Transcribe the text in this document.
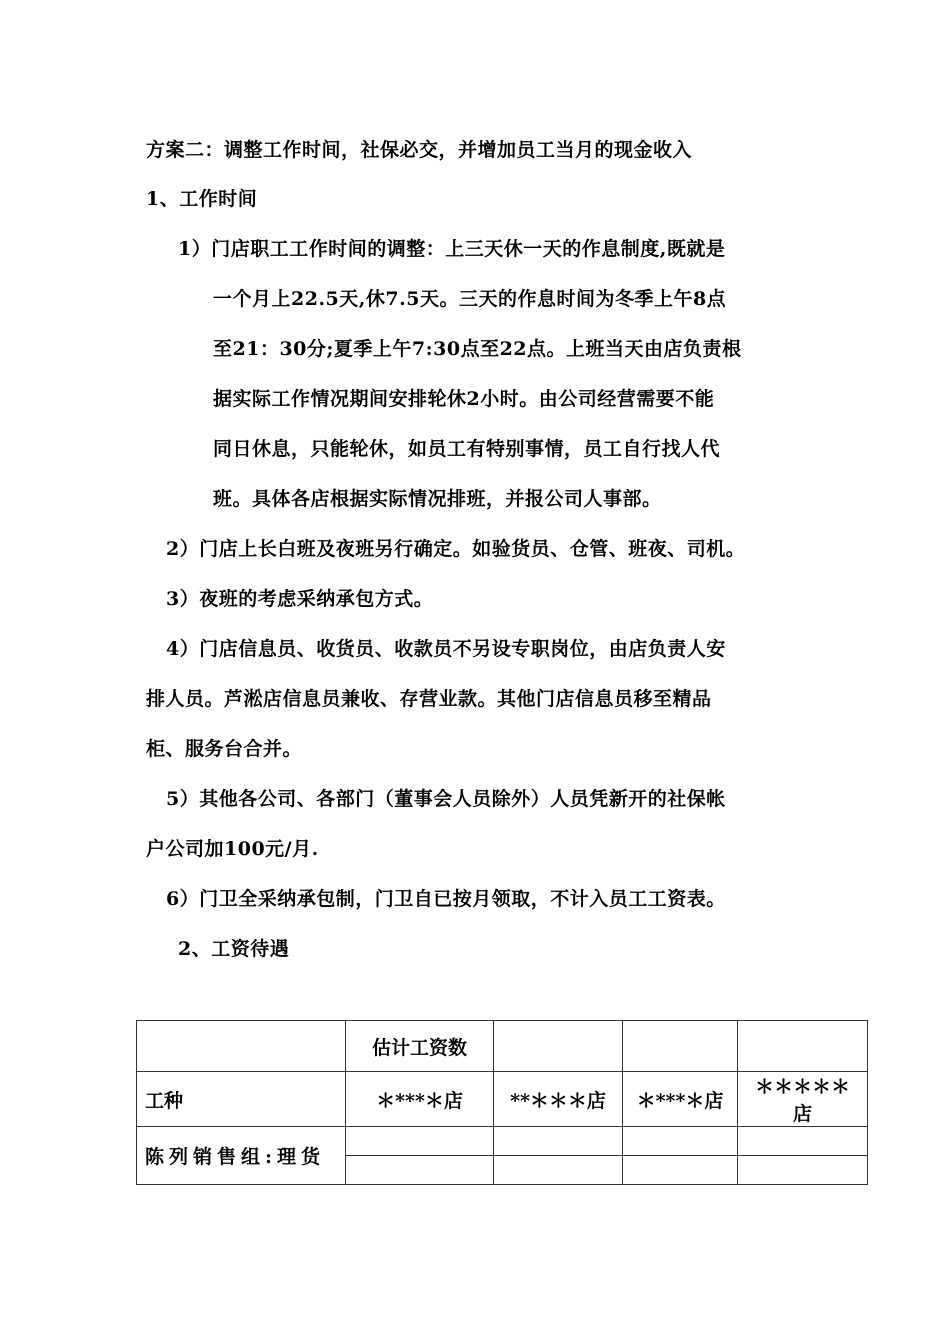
方案二：调整工作时间，社保必交，并增加员工当月的现金收入
1、工作时间
1）门店职工工作时间的调整：上三天休一天的作息制度,既就是
一个月上22.5天,休7.5天。三天的作息时间为冬季上午8点
至21：30分;夏季上午7:30点至22点。上班当天由店负责根
据实际工作情况期间安排轮休2小时。由公司经营需要不能
同日休息，只能轮休，如员工有特别事情，员工自行找人代
班。具体各店根据实际情况排班，并报公司人事部。
2）门店上长白班及夜班另行确定。如验货员、仓管、班夜、司机。
3）夜班的考虑采纳承包方式。
4）门店信息员、收货员、收款员不另设专职岗位，由店负责人安
排人员。芦淞店信息员兼收、存营业款。其他门店信息员移至精品
柜、服务台合并。
5）其他各公司、各部门（董事会人员除外）人员凭新开的社保帐
户公司加100元/月.
6）门卫全采纳承包制，门卫自已按月领取，不计入员工工资表。
2、工资待遇
	估计工资数			
工种	＊***＊店	**＊＊＊店	＊***＊店	＊＊＊＊＊店
陈列销售组:理货				
